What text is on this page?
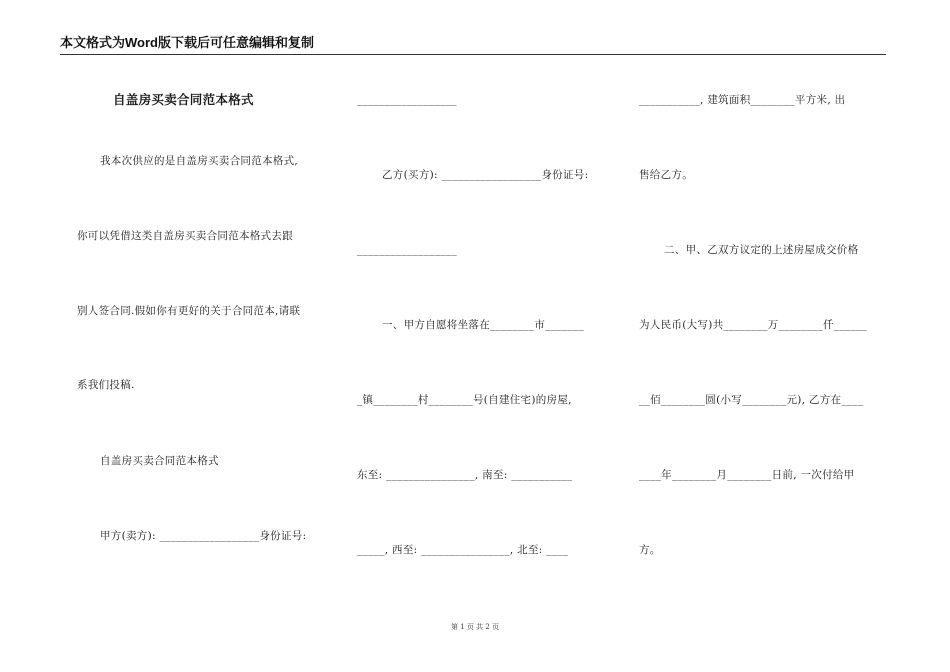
本文格式为Word版下载后可任意编辑和复制

自盖房买卖合同范本格式

我本次供应的是自盖房买卖合同范本格式,

你可以凭借这类自盖房买卖合同范本格式去跟

别人签合同.假如你有更好的关于合同范本,请联

系我们投稿.

自盖房买卖合同范本格式

甲方(卖方): __________________身份证号:

__________________

乙方(买方): __________________身份证号:

__________________

一、甲方自愿将坐落在________市_______

_镇________村________号(自建住宅)的房屋,

东至: ________________, 南至: ___________

_____, 西至: ________________, 北至: ____

___________, 建筑面积________平方米, 出

售给乙方。

二、甲、乙双方议定的上述房屋成交价格

为人民币(大写)共________万________仟______

__佰________圆(小写________元), 乙方在____

____年________月________日前, 一次付给甲

方。

第 1 页 共 2 页
